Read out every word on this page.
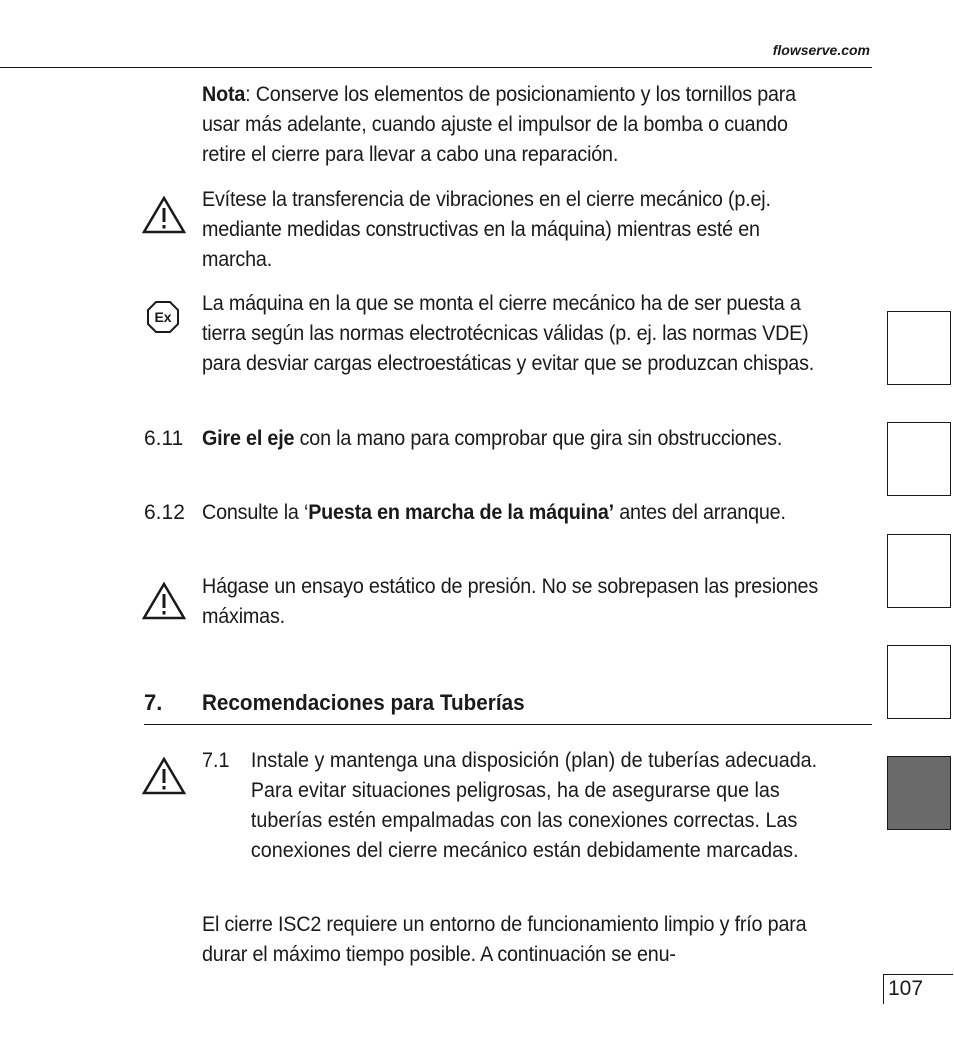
flowserve.com
Nota: Conserve los elementos de posicionamiento y los tornillos para usar más adelante, cuando ajuste el impulsor de la bomba o cuando retire el cierre para llevar a cabo una reparación.
Evítese la transferencia de vibraciones en el cierre mecánico (p.ej. mediante medidas constructivas en la máquina) mientras esté en marcha.
Ex
La máquina en la que se monta el cierre mecánico ha de ser puesta a tierra según las normas electrotécnicas válidas (p. ej. las normas VDE) para desviar cargas electroestáticas y evitar que se produzcan chispas.
6.11 Gire el eje con la mano para comprobar que gira sin obstrucciones.
6.12 Consulte la ‘Puesta en marcha de la máquina’ antes del arranque.
Hágase un ensayo estático de presión. No se sobrepasen las presiones máximas.
7. Recomendaciones para Tuberías
7.1 Instale y mantenga una disposición (plan) de tuberías adecuada. Para evitar situaciones peligrosas, ha de asegurarse que las tuberías estén empalmadas con las conexiones correctas. Las conexiones del cierre mecánico están debidamente marcadas.
El cierre ISC2 requiere un entorno de funcionamiento limpio y frío para durar el máximo tiempo posible. A continuación se enu-
107
